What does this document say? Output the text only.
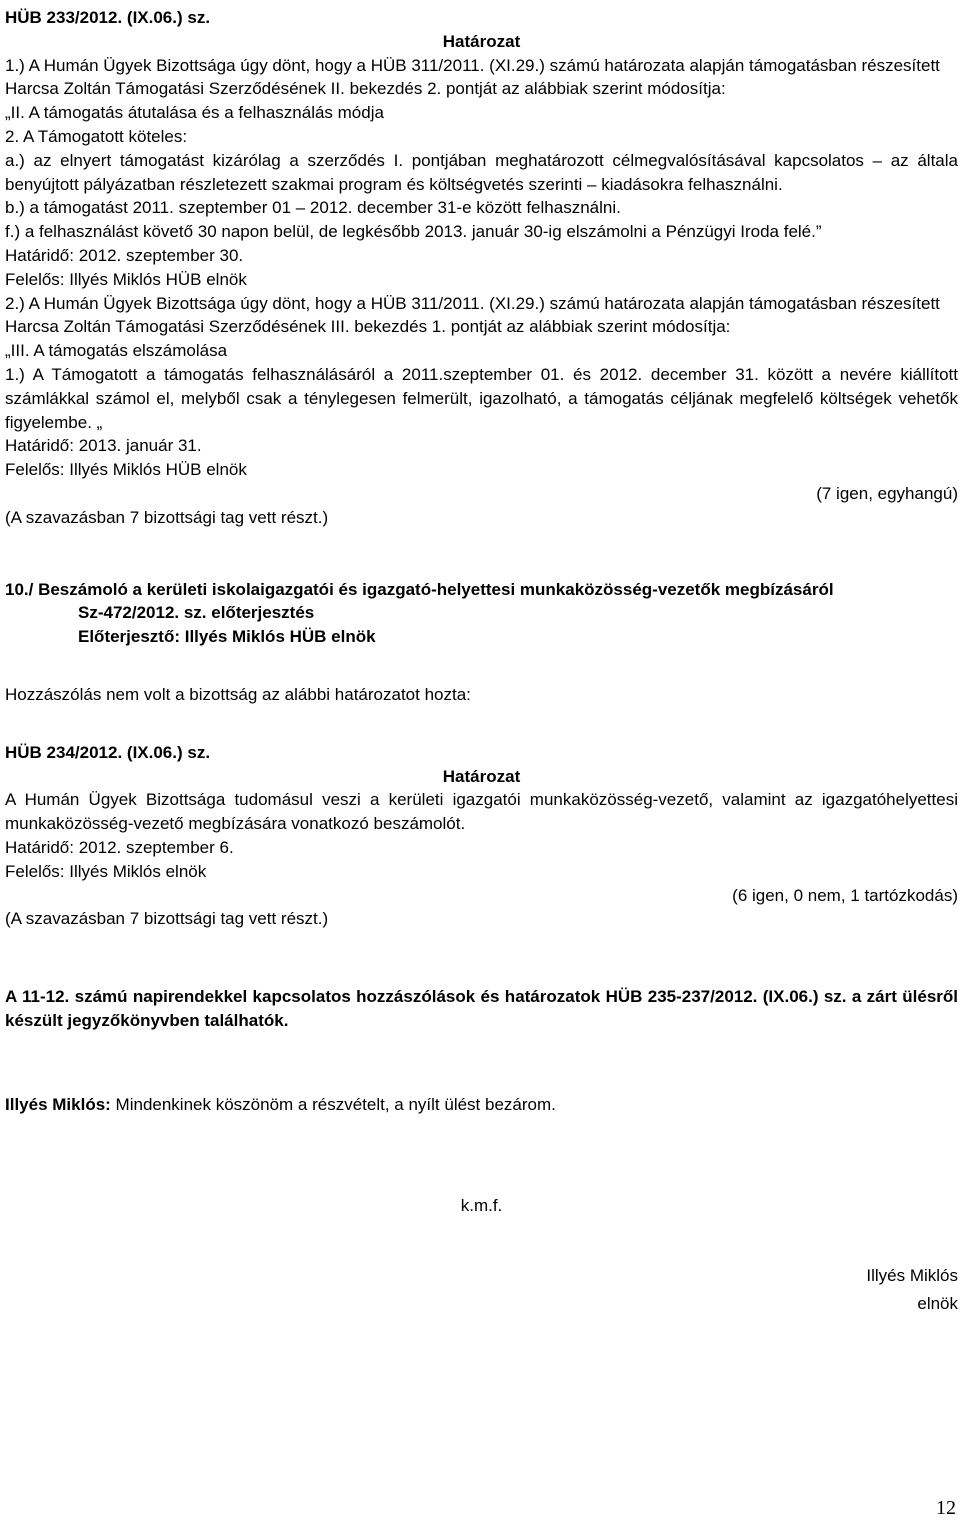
HÜB 233/2012. (IX.06.) sz.

Határozat

1.) A Humán Ügyek Bizottsága úgy dönt, hogy a HÜB 311/2011. (XI.29.) számú határozata alapján támogatásban részesített

Harcsa Zoltán Támogatási Szerződésének II. bekezdés 2. pontját az alábbiak szerint módosítja:

„II. A támogatás átutalása és a felhasználás módja

2. A Támogatott köteles:

a.) az elnyert támogatást kizárólag a szerződés I. pontjában meghatározott célmegvalósításával kapcsolatos – az általa benyújtott pályázatban részletezett szakmai program és költségvetés szerinti – kiadásokra felhasználni.

b.) a támogatást 2011. szeptember 01 – 2012. december 31-e között felhasználni.

f.) a felhasználást követő 30 napon belül, de legkésőbb 2013. január 30-ig elszámolni a Pénzügyi Iroda felé.”

Határidő: 2012. szeptember 30.

Felelős: Illyés Miklós HÜB elnök

2.) A Humán Ügyek Bizottsága úgy dönt, hogy a HÜB 311/2011. (XI.29.) számú határozata alapján támogatásban részesített

Harcsa Zoltán Támogatási Szerződésének III. bekezdés 1. pontját az alábbiak szerint módosítja:

„III. A támogatás elszámolása

1.) A Támogatott a támogatás felhasználásáról a 2011.szeptember 01. és 2012. december 31. között a nevére kiállított számlákkal számol el, melyből csak a ténylegesen felmerült, igazolható, a támogatás céljának megfelelő költségek vehetők figyelembe. „

Határidő: 2013. január 31.

Felelős: Illyés Miklós HÜB elnök

(7 igen, egyhangú)

(A szavazásban 7 bizottsági tag vett részt.)

10./ Beszámoló a kerületi iskolaigazgatói és igazgató-helyettesi munkaközösség-vezetők megbízásáról

Sz-472/2012. sz. előterjesztés

Előterjesztő: Illyés Miklós HÜB elnök

Hozzászólás nem volt a bizottság az alábbi határozatot hozta:

HÜB 234/2012. (IX.06.) sz.

Határozat

A Humán Ügyek Bizottsága tudomásul veszi a kerületi igazgatói munkaközösség-vezető, valamint az igazgatóhelyettesi munkaközösség-vezető megbízására vonatkozó beszámolót.

Határidő: 2012. szeptember 6.

Felelős: Illyés Miklós elnök

(6 igen, 0 nem, 1 tartózkodás)

(A szavazásban 7 bizottsági tag vett részt.)

A 11-12. számú napirendekkel kapcsolatos hozzászólások és határozatok HÜB 235-237/2012. (IX.06.) sz. a zárt ülésről készült jegyzőkönyvben találhatók.

Illyés Miklós: Mindenkinek köszönöm a részvételt, a nyílt ülést bezárom.

k.m.f.

Illyés Miklós

elnök

12
